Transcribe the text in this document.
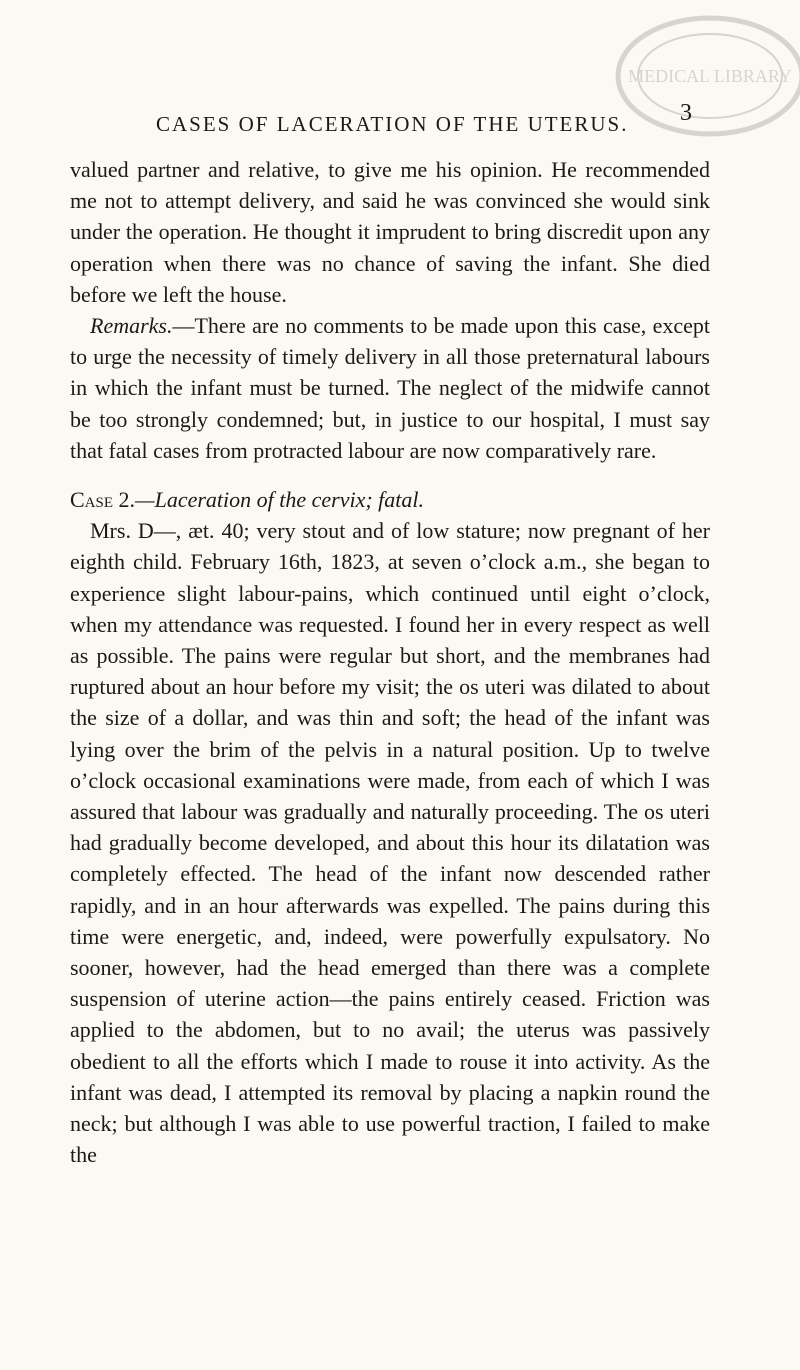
MEDICAL LIBRARY
CASES OF LACERATION OF THE UTERUS. 3

valued partner and relative, to give me his opinion. He recommended me not to attempt delivery, and said he was convinced she would sink under the operation. He thought it imprudent to bring discredit upon any operation when there was no chance of saving the infant. She died before we left the house.

Remarks.—There are no comments to be made upon this case, except to urge the necessity of timely delivery in all those preternatural labours in which the infant must be turned. The neglect of the midwife cannot be too strongly condemned; but, in justice to our hospital, I must say that fatal cases from protracted labour are now comparatively rare.

Case 2.—Laceration of the cervix; fatal.

Mrs. D—, æt. 40; very stout and of low stature; now pregnant of her eighth child. February 16th, 1823, at seven o’clock a.m., she began to experience slight labour-pains, which continued until eight o’clock, when my attendance was requested. I found her in every respect as well as possible. The pains were regular but short, and the membranes had ruptured about an hour before my visit; the os uteri was dilated to about the size of a dollar, and was thin and soft; the head of the infant was lying over the brim of the pelvis in a natural position. Up to twelve o’clock occasional examinations were made, from each of which I was assured that labour was gradually and naturally proceeding. The os uteri had gradually become developed, and about this hour its dilatation was completely effected. The head of the infant now descended rather rapidly, and in an hour afterwards was expelled. The pains during this time were energetic, and, indeed, were powerfully expulsatory. No sooner, however, had the head emerged than there was a complete suspension of uterine action—the pains entirely ceased. Friction was applied to the abdomen, but to no avail; the uterus was passively obedient to all the efforts which I made to rouse it into activity. As the infant was dead, I attempted its removal by placing a napkin round the neck; but although I was able to use powerful traction, I failed to make the
